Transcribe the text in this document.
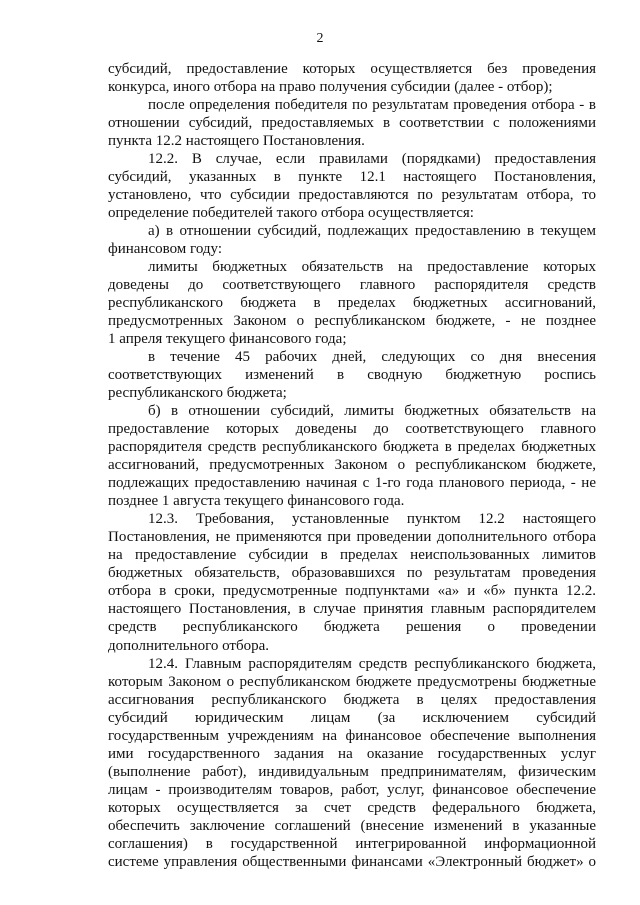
2
субсидий, предоставление которых осуществляется без проведения
конкурса, иного отбора на право получения субсидии (далее - отбор);
после определения победителя по результатам проведения отбора - в
отношении субсидий, предоставляемых в соответствии с положениями
пункта 12.2 настоящего Постановления.
12.2. В случае, если правилами (порядками) предоставления
субсидий, указанных в пункте 12.1 настоящего Постановления,
установлено, что субсидии предоставляются по результатам отбора, то
определение победителей такого отбора осуществляется:
а) в отношении субсидий, подлежащих предоставлению в текущем
финансовом году:
лимиты бюджетных обязательств на предоставление которых
доведены до соответствующего главного распорядителя средств
республиканского бюджета в пределах бюджетных ассигнований,
предусмотренных Законом о республиканском бюджете, - не позднее
1 апреля текущего финансового года;
в течение 45 рабочих дней, следующих со дня внесения
соответствующих изменений в сводную бюджетную роспись
республиканского бюджета;
б) в отношении субсидий, лимиты бюджетных обязательств на
предоставление которых доведены до соответствующего главного
распорядителя средств республиканского бюджета в пределах бюджетных
ассигнований, предусмотренных Законом о республиканском бюджете,
подлежащих предоставлению начиная с 1-го года планового периода, - не
позднее 1 августа текущего финансового года.
12.3. Требования, установленные пунктом 12.2 настоящего
Постановления, не применяются при проведении дополнительного отбора
на предоставление субсидии в пределах неиспользованных лимитов
бюджетных обязательств, образовавшихся по результатам проведения
отбора в сроки, предусмотренные подпунктами «а» и «б» пункта 12.2.
настоящего Постановления, в случае принятия главным распорядителем
средств республиканского бюджета решения о проведении
дополнительного отбора.
12.4. Главным распорядителям средств республиканского бюджета,
которым Законом о республиканском бюджете предусмотрены бюджетные
ассигнования республиканского бюджета в целях предоставления
субсидий юридическим лицам (за исключением субсидий
государственным учреждениям на финансовое обеспечение выполнения
ими государственного задания на оказание государственных услуг
(выполнение работ), индивидуальным предпринимателям, физическим
лицам - производителям товаров, работ, услуг, финансовое обеспечение
которых осуществляется за счет средств федерального бюджета,
обеспечить заключение соглашений (внесение изменений в указанные
соглашения) в государственной интегрированной информационной
системе управления общественными финансами «Электронный бюджет» о
